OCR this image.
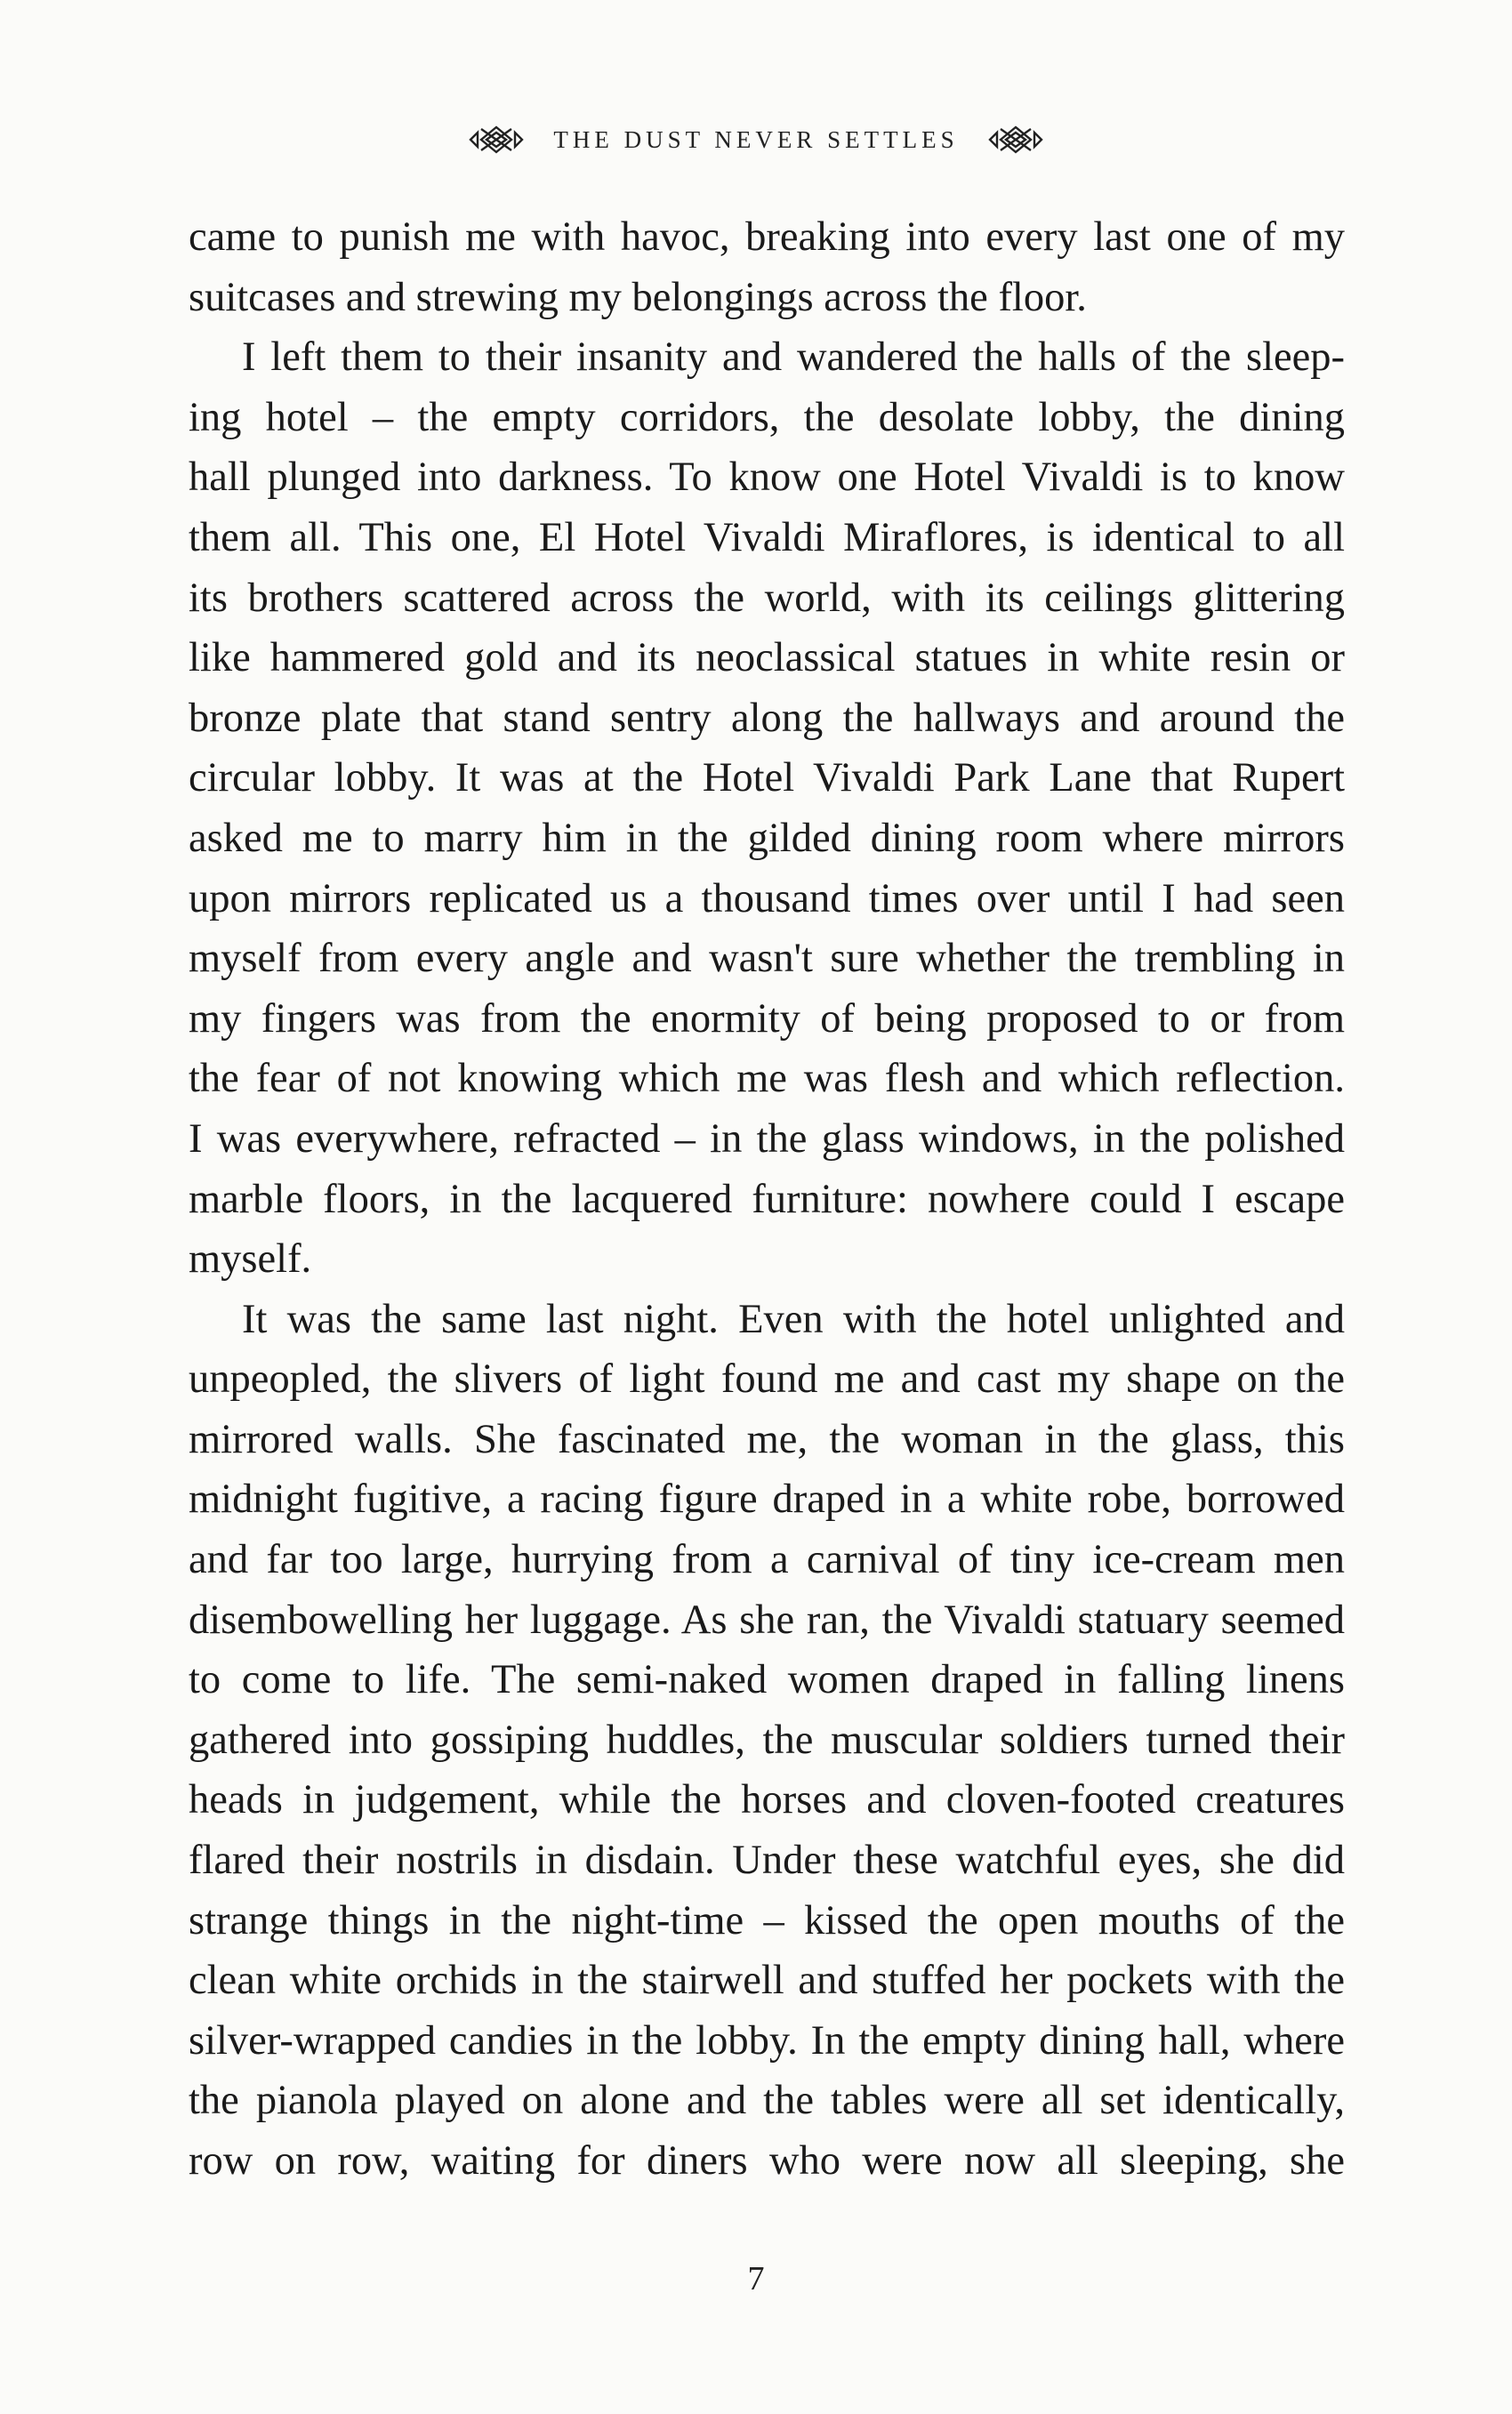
THE DUST NEVER SETTLES
came to punish me with havoc, breaking into every last one of my
suitcases and strewing my belongings across the floor.
I left them to their insanity and wandered the halls of the sleep-
ing hotel – the empty corridors, the desolate lobby, the dining
hall plunged into darkness. To know one Hotel Vivaldi is to know
them all. This one, El Hotel Vivaldi Miraflores, is identical to all
its brothers scattered across the world, with its ceilings glittering
like hammered gold and its neoclassical statues in white resin or
bronze plate that stand sentry along the hallways and around the
circular lobby. It was at the Hotel Vivaldi Park Lane that Rupert
asked me to marry him in the gilded dining room where mirrors
upon mirrors replicated us a thousand times over until I had seen
myself from every angle and wasn't sure whether the trembling in
my fingers was from the enormity of being proposed to or from
the fear of not knowing which me was flesh and which reflection.
I was everywhere, refracted – in the glass windows, in the polished
marble floors, in the lacquered furniture: nowhere could I escape
myself.
It was the same last night. Even with the hotel unlighted and
unpeopled, the slivers of light found me and cast my shape on the
mirrored walls. She fascinated me, the woman in the glass, this
midnight fugitive, a racing figure draped in a white robe, borrowed
and far too large, hurrying from a carnival of tiny ice-cream men
disembowelling her luggage. As she ran, the Vivaldi statuary seemed
to come to life. The semi-naked women draped in falling linens
gathered into gossiping huddles, the muscular soldiers turned their
heads in judgement, while the horses and cloven-footed creatures
flared their nostrils in disdain. Under these watchful eyes, she did
strange things in the night-time – kissed the open mouths of the
clean white orchids in the stairwell and stuffed her pockets with the
silver-wrapped candies in the lobby. In the empty dining hall, where
the pianola played on alone and the tables were all set identically,
row on row, waiting for diners who were now all sleeping, she
7
